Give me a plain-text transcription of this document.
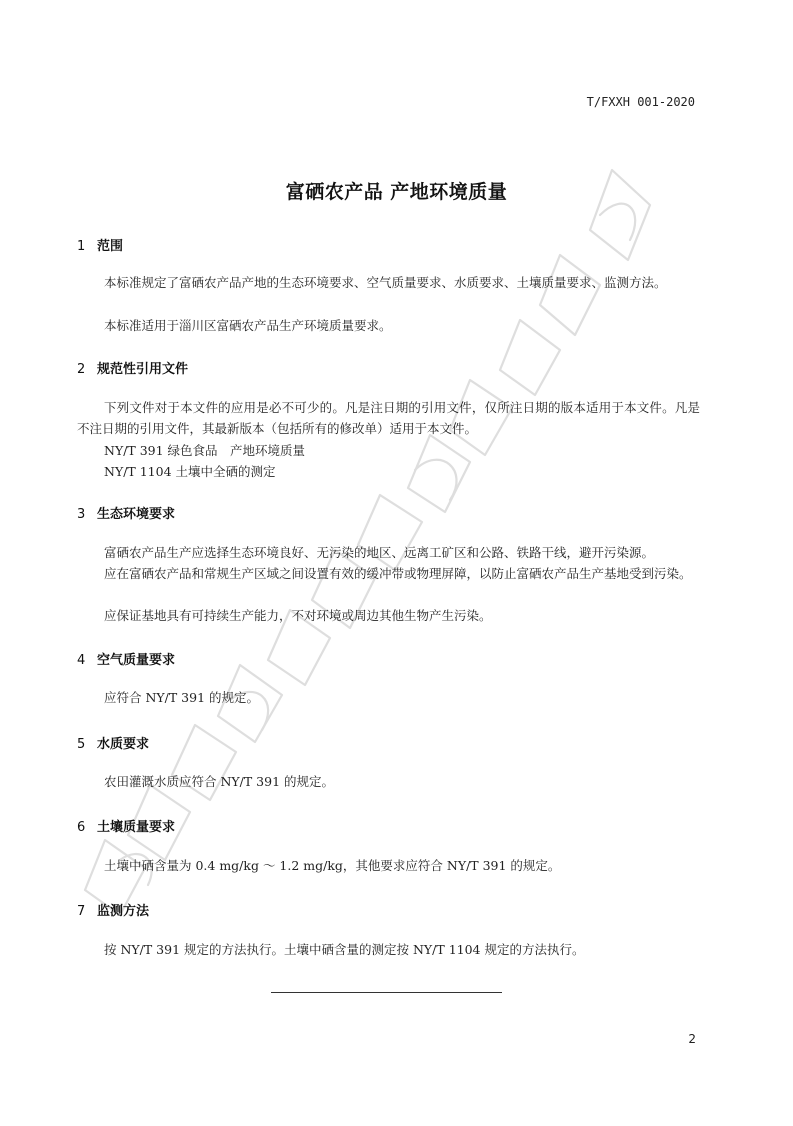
T/FXXH 001-2020
富硒农产品 产地环境质量
1 范围
本标准规定了富硒农产品产地的生态环境要求、空气质量要求、水质要求、土壤质量要求、监测方法。
本标准适用于淄川区富硒农产品生产环境质量要求。
2 规范性引用文件
下列文件对于本文件的应用是必不可少的。凡是注日期的引用文件，仅所注日期的版本适用于本文件。凡是不注日期的引用文件，其最新版本（包括所有的修改单）适用于本文件。
NY/T 391 绿色食品　产地环境质量
NY/T 1104 土壤中全硒的测定
3 生态环境要求
富硒农产品生产应选择生态环境良好、无污染的地区、远离工矿区和公路、铁路干线，避开污染源。
应在富硒农产品和常规生产区域之间设置有效的缓冲带或物理屏障，以防止富硒农产品生产基地受到污染。
应保证基地具有可持续生产能力，不对环境或周边其他生物产生污染。
4 空气质量要求
应符合 NY/T 391 的规定。
5 水质要求
农田灌溉水质应符合 NY/T 391 的规定。
6 土壤质量要求
土壤中硒含量为 0.4 mg/kg ～ 1.2 mg/kg，其他要求应符合 NY/T 391 的规定。
7 监测方法
按 NY/T 391 规定的方法执行。土壤中硒含量的测定按 NY/T 1104 规定的方法执行。
2
